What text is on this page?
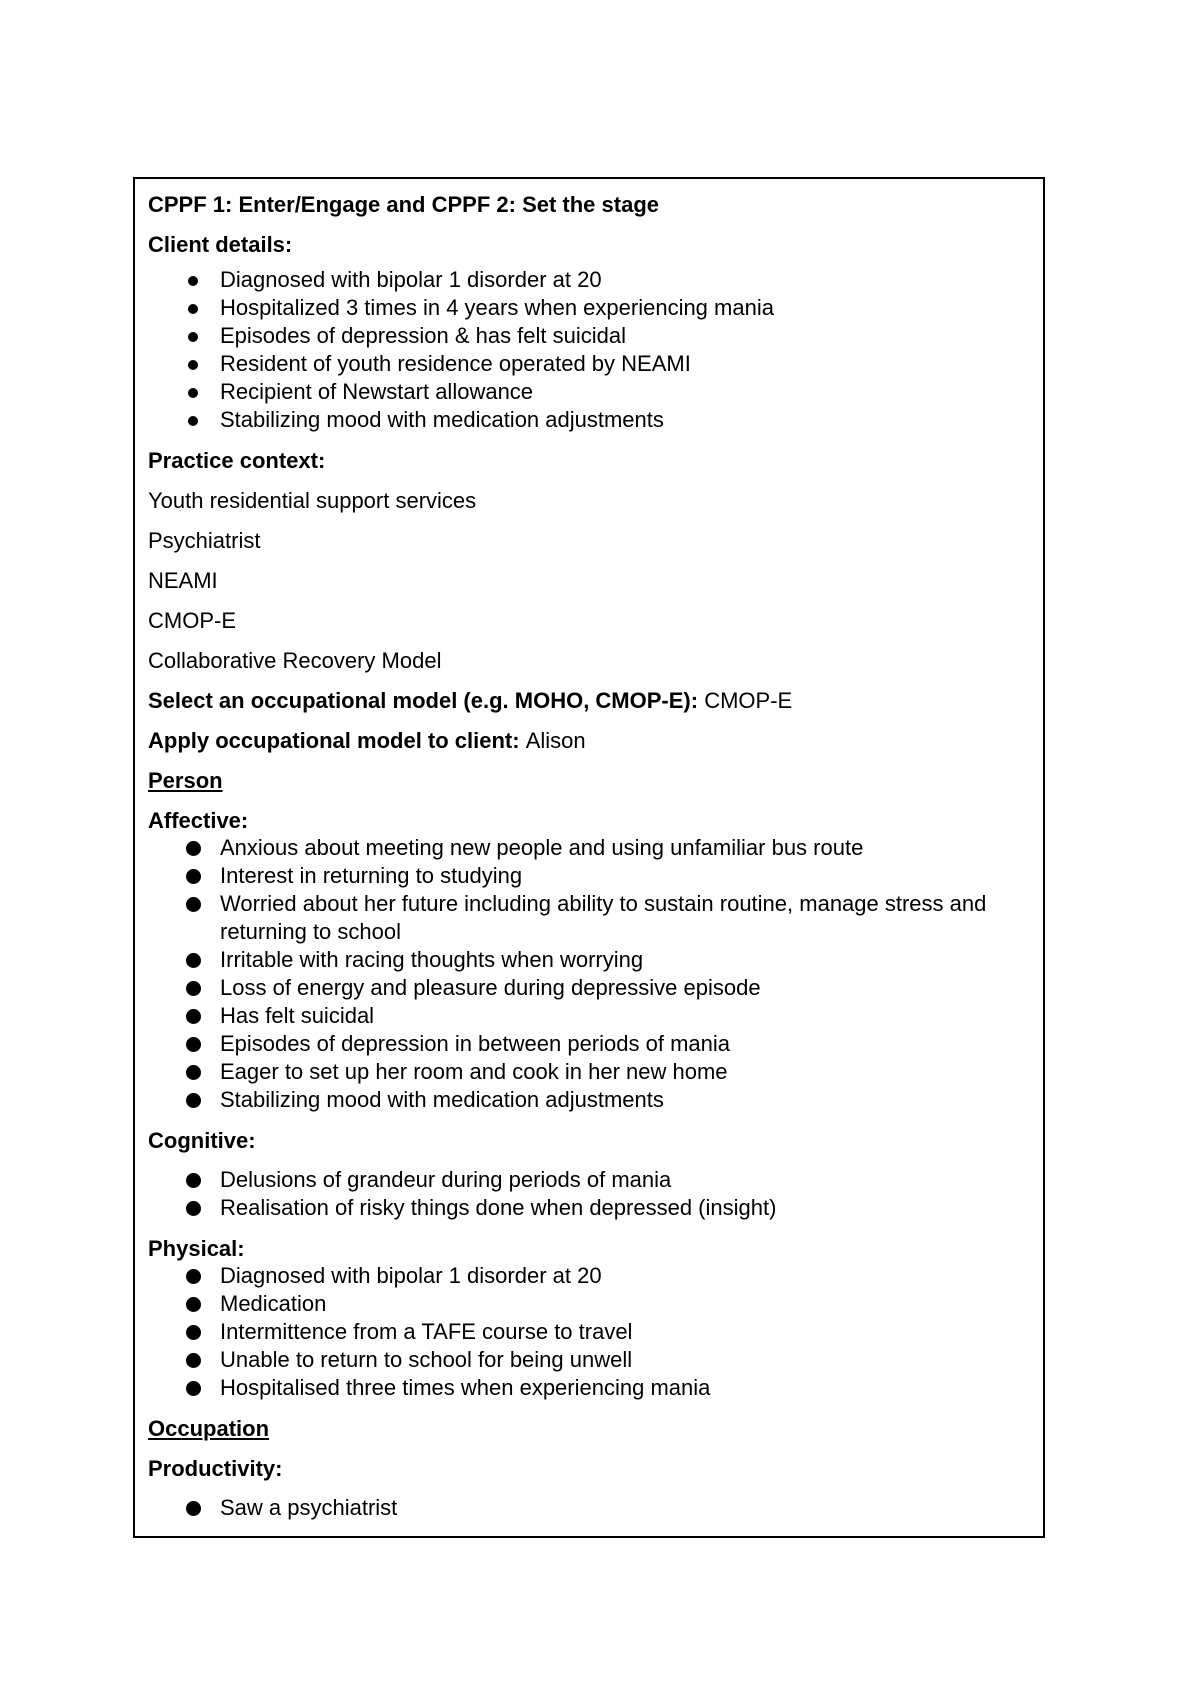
CPPF 1: Enter/Engage and CPPF 2: Set the stage

Client details:

Diagnosed with bipolar 1 disorder at 20
Hospitalized 3 times in 4 years when experiencing mania
Episodes of depression & has felt suicidal
Resident of youth residence operated by NEAMI
Recipient of Newstart allowance
Stabilizing mood with medication adjustments

Practice context:

Youth residential support services

Psychiatrist

NEAMI

CMOP-E

Collaborative Recovery Model

Select an occupational model (e.g. MOHO, CMOP-E): CMOP-E

Apply occupational model to client: Alison

Person

Affective:

Anxious about meeting new people and using unfamiliar bus route
Interest in returning to studying
Worried about her future including ability to sustain routine, manage stress and returning to school
Irritable with racing thoughts when worrying
Loss of energy and pleasure during depressive episode
Has felt suicidal
Episodes of depression in between periods of mania
Eager to set up her room and cook in her new home
Stabilizing mood with medication adjustments

Cognitive:

Delusions of grandeur during periods of mania
Realisation of risky things done when depressed (insight)

Physical:

Diagnosed with bipolar 1 disorder at 20
Medication
Intermittence from a TAFE course to travel
Unable to return to school for being unwell
Hospitalised three times when experiencing mania

Occupation

Productivity:

Saw a psychiatrist
